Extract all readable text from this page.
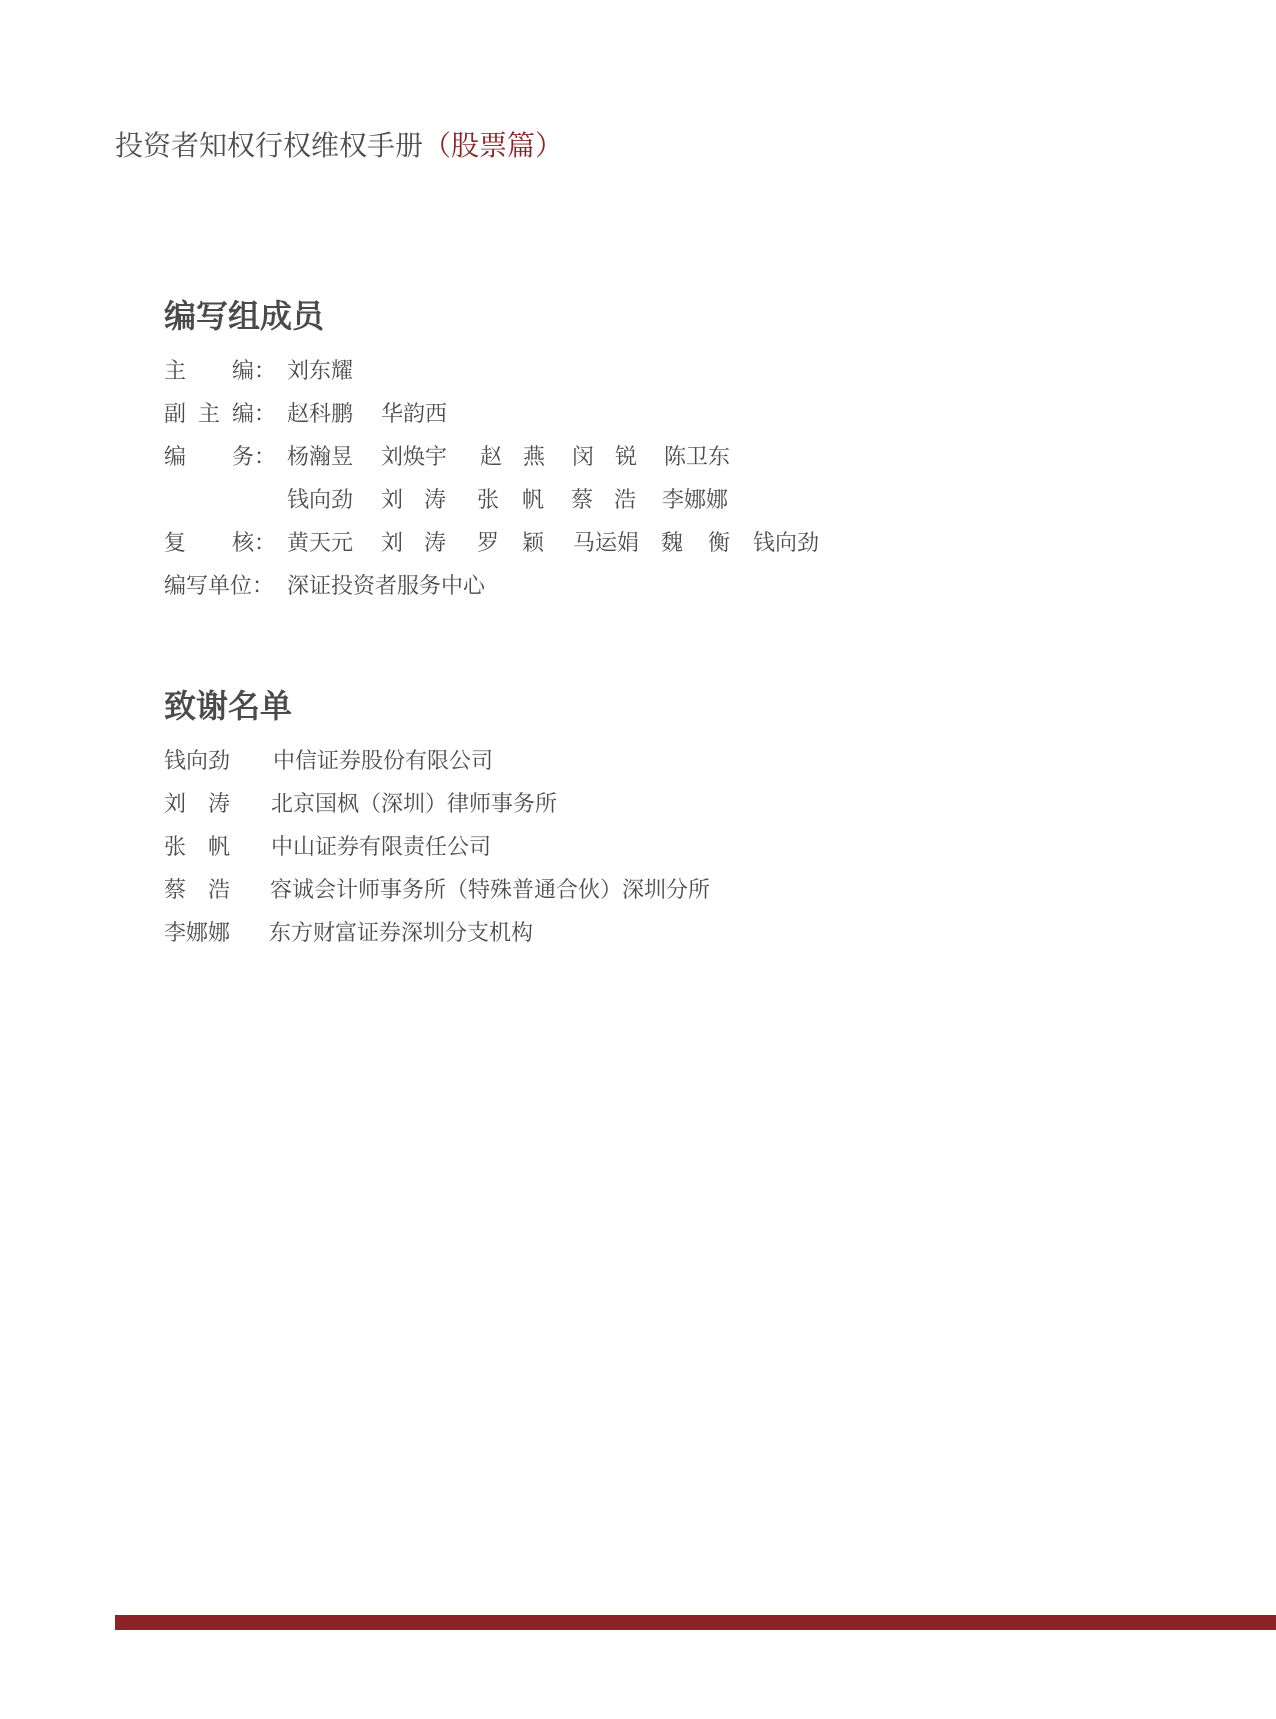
投资者知权行权维权手册（股票篇）
编写组成员
主 编： 刘东耀
副 主 编： 赵科鹏 华韵西
编 务： 杨瀚昱 刘焕宇 赵 燕 闵 锐 陈卫东
钱向劲 刘 涛 张 帆 蔡 浩 李娜娜
复 核： 黄天元 刘 涛 罗 颖 马运娟 魏 衡 钱向劲
编写单位： 深证投资者服务中心
致谢名单
钱向劲 中信证券股份有限公司
刘　涛 北京国枫（深圳）律师事务所
张　帆 中山证券有限责任公司
蔡　浩 容诚会计师事务所（特殊普通合伙）深圳分所
李娜娜 东方财富证券深圳分支机构
